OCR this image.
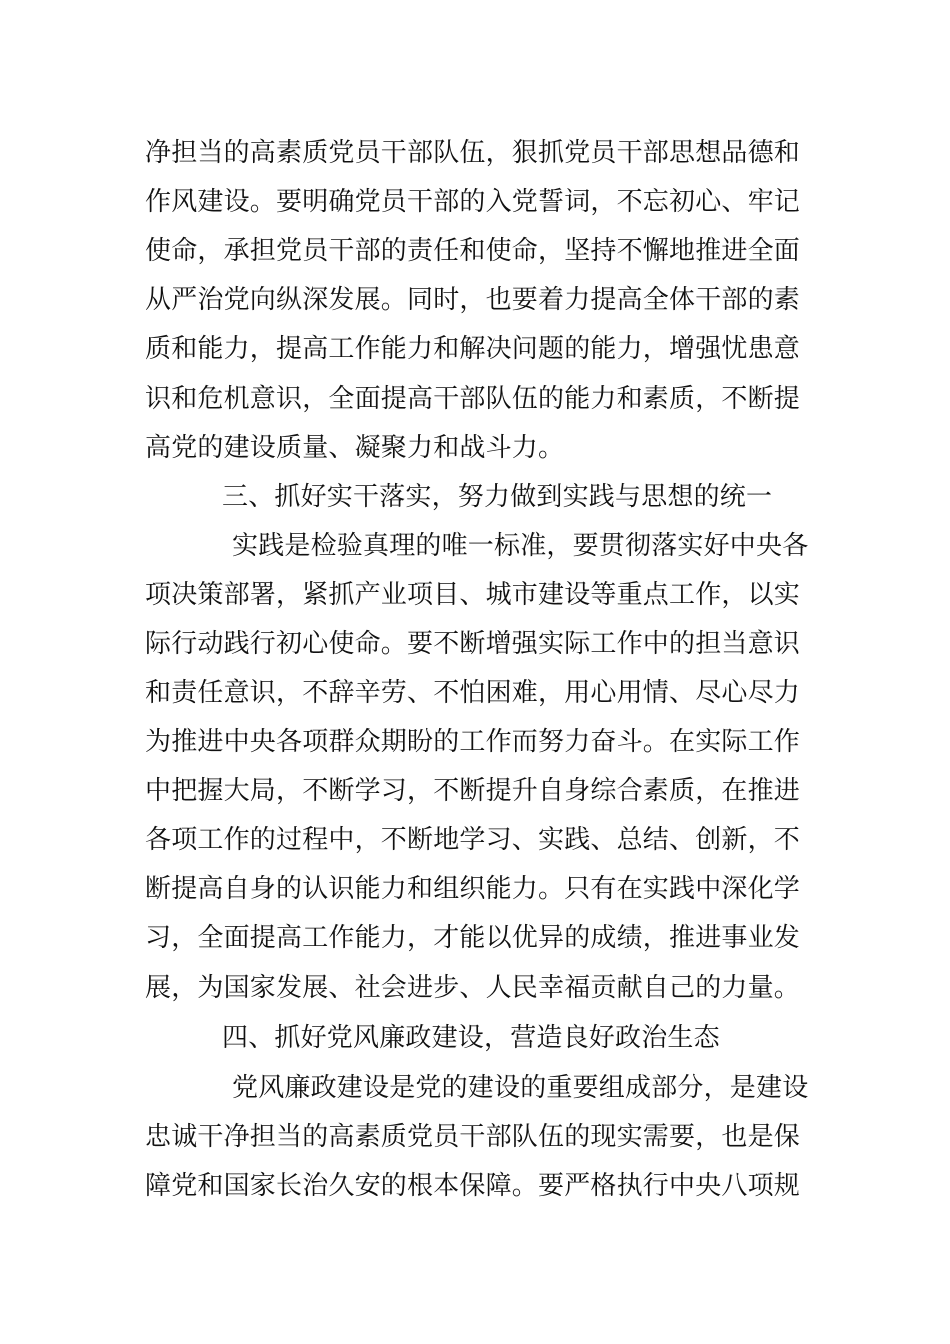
净担当的高素质党员干部队伍，狠抓党员干部思想品德和
作风建设。要明确党员干部的入党誓词，不忘初心、牢记
使命，承担党员干部的责任和使命，坚持不懈地推进全面
从严治党向纵深发展。同时，也要着力提高全体干部的素
质和能力，提高工作能力和解决问题的能力，增强忧患意
识和危机意识，全面提高干部队伍的能力和素质，不断提
高党的建设质量、凝聚力和战斗力。
三、抓好实干落实，努力做到实践与思想的统一
实践是检验真理的唯一标准，要贯彻落实好中央各
项决策部署，紧抓产业项目、城市建设等重点工作，以实
际行动践行初心使命。要不断增强实际工作中的担当意识
和责任意识，不辞辛劳、不怕困难，用心用情、尽心尽力
为推进中央各项群众期盼的工作而努力奋斗。在实际工作
中把握大局，不断学习，不断提升自身综合素质，在推进
各项工作的过程中，不断地学习、实践、总结、创新，不
断提高自身的认识能力和组织能力。只有在实践中深化学
习，全面提高工作能力，才能以优异的成绩，推进事业发
展，为国家发展、社会进步、人民幸福贡献自己的力量。
四、抓好党风廉政建设，营造良好政治生态
党风廉政建设是党的建设的重要组成部分，是建设
忠诚干净担当的高素质党员干部队伍的现实需要，也是保
障党和国家长治久安的根本保障。要严格执行中央八项规
